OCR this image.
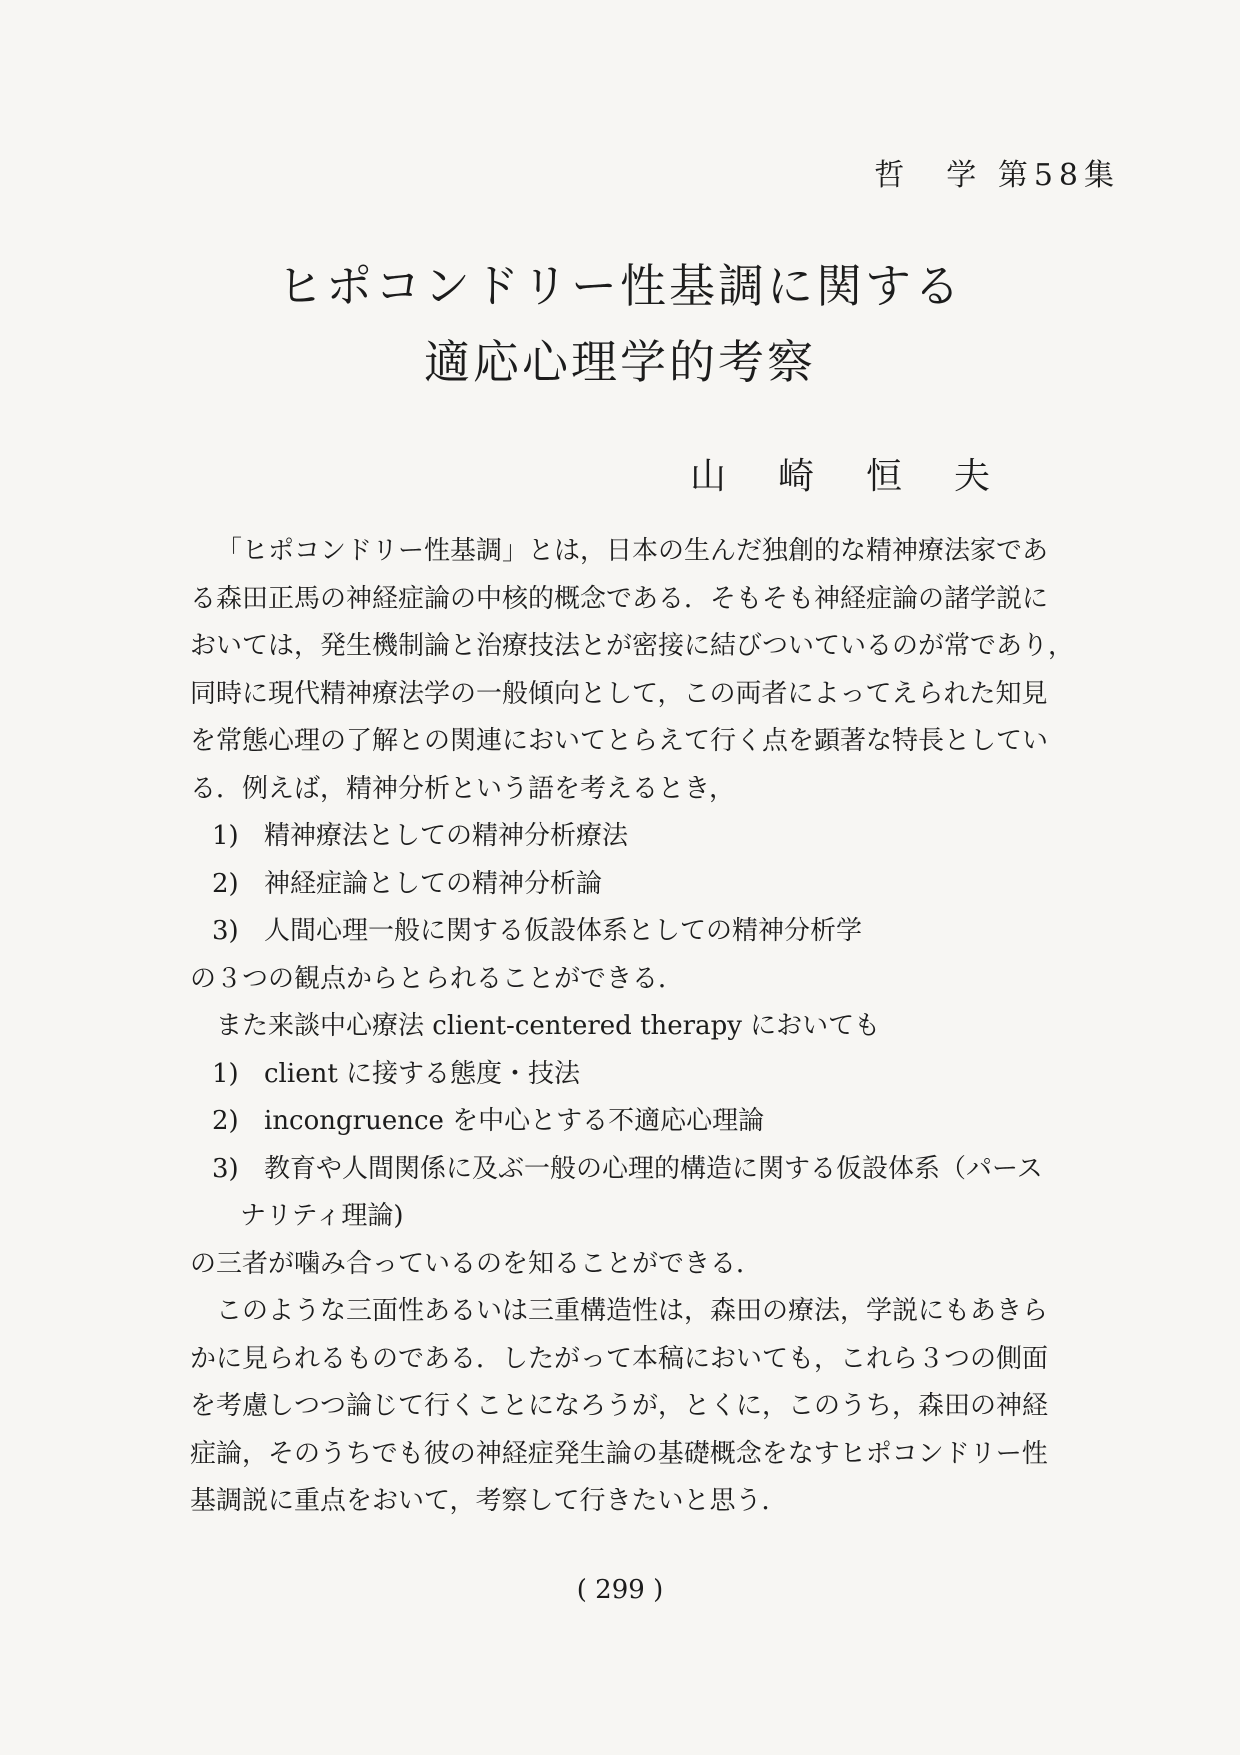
哲　学 第58集
ヒポコンドリー性基調に関する
適応心理学的考察
山崎恒夫

「ヒポコンドリー性基調」とは，日本の生んだ独創的な精神療法家であ

る森田正馬の神経症論の中核的概念である．そもそも神経症論の諸学説に

おいては，発生機制論と治療技法とが密接に結びついているのが常であり，

同時に現代精神療法学の一般傾向として，この両者によってえられた知見

を常態心理の了解との関連においてとらえて行く点を顕著な特長としてい

る．例えば，精神分析という語を考えるとき，

1) 精神療法としての精神分析療法

2) 神経症論としての精神分析論

3) 人間心理一般に関する仮設体系としての精神分析学

の３つの観点からとられることができる．

また来談中心療法 client-centered therapy においても

1) client に接する態度・技法

2) incongruence を中心とする不適応心理論

3) 教育や人間関係に及ぶ一般の心理的構造に関する仮設体系（パース

ナリティ理論)

の三者が噛み合っているのを知ることができる．

このような三面性あるいは三重構造性は，森田の療法，学説にもあきら

かに見られるものである．したがって本稿においても，これら３つの側面

を考慮しつつ論じて行くことになろうが，とくに，このうち，森田の神経

症論，そのうちでも彼の神経症発生論の基礎概念をなすヒポコンドリー性

基調説に重点をおいて，考察して行きたいと思う．

( 299 )
